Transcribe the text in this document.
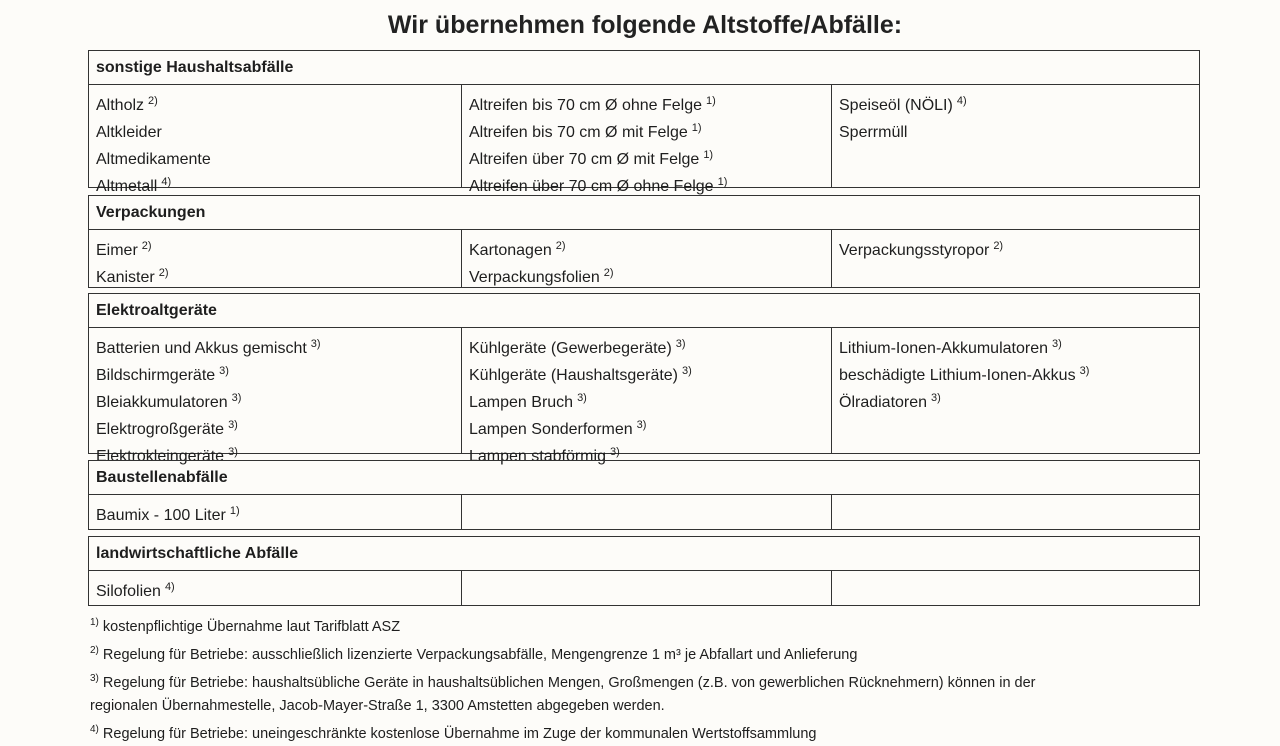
Wir übernehmen folgende Altstoffe/Abfälle:
sonstige Haushaltsabfälle
Altholz $^{2)}$
Altkleider
Altmedikamente
Altmetall $^{4)}$
Altreifen bis 70 cm Ø ohne Felge $^{1)}$
Altreifen bis 70 cm Ø mit Felge $^{1)}$
Altreifen über 70 cm Ø mit Felge $^{1)}$
Altreifen über 70 cm Ø ohne Felge $^{1)}$
Speiseöl (NÖLI) $^{4)}$
Sperrmüll
Verpackungen
Eimer $^{2)}$
Kanister $^{2)}$
Kartonagen $^{2)}$
Verpackungsfolien $^{2)}$
Verpackungsstyropor $^{2)}$
Elektroaltgeräte
Batterien und Akkus gemischt $^{3)}$
Bildschirmgeräte $^{3)}$
Bleiakkumulatoren $^{3)}$
Elektrogroßgeräte $^{3)}$
Elektrokleingeräte $^{3)}$
Kühlgeräte (Gewerbegeräte) $^{3)}$
Kühlgeräte (Haushaltsgeräte) $^{3)}$
Lampen Bruch $^{3)}$
Lampen Sonderformen $^{3)}$
Lampen stabförmig $^{3)}$
Lithium-Ionen-Akkumulatoren $^{3)}$
beschädigte Lithium-Ionen-Akkus $^{3)}$
Ölradiatoren $^{3)}$
Baustellenabfälle
Baumix - 100 Liter $^{1)}$
landwirtschaftliche Abfälle
Silofolien $^{4)}$
$^{1)}$ kostenpflichtige Übernahme laut Tarifblatt ASZ
$^{2)}$ Regelung für Betriebe: ausschließlich lizenzierte Verpackungsabfälle, Mengengrenze 1 m³ je Abfallart und Anlieferung
$^{3)}$ Regelung für Betriebe: haushaltsübliche Geräte in haushaltsüblichen Mengen, Großmengen (z.B. von gewerblichen Rücknehmern) können in der
regionalen Übernahmestelle, Jacob-Mayer-Straße 1, 3300 Amstetten abgegeben werden.
$^{4)}$ Regelung für Betriebe: uneingeschränkte kostenlose Übernahme im Zuge der kommunalen Wertstoffsammlung
